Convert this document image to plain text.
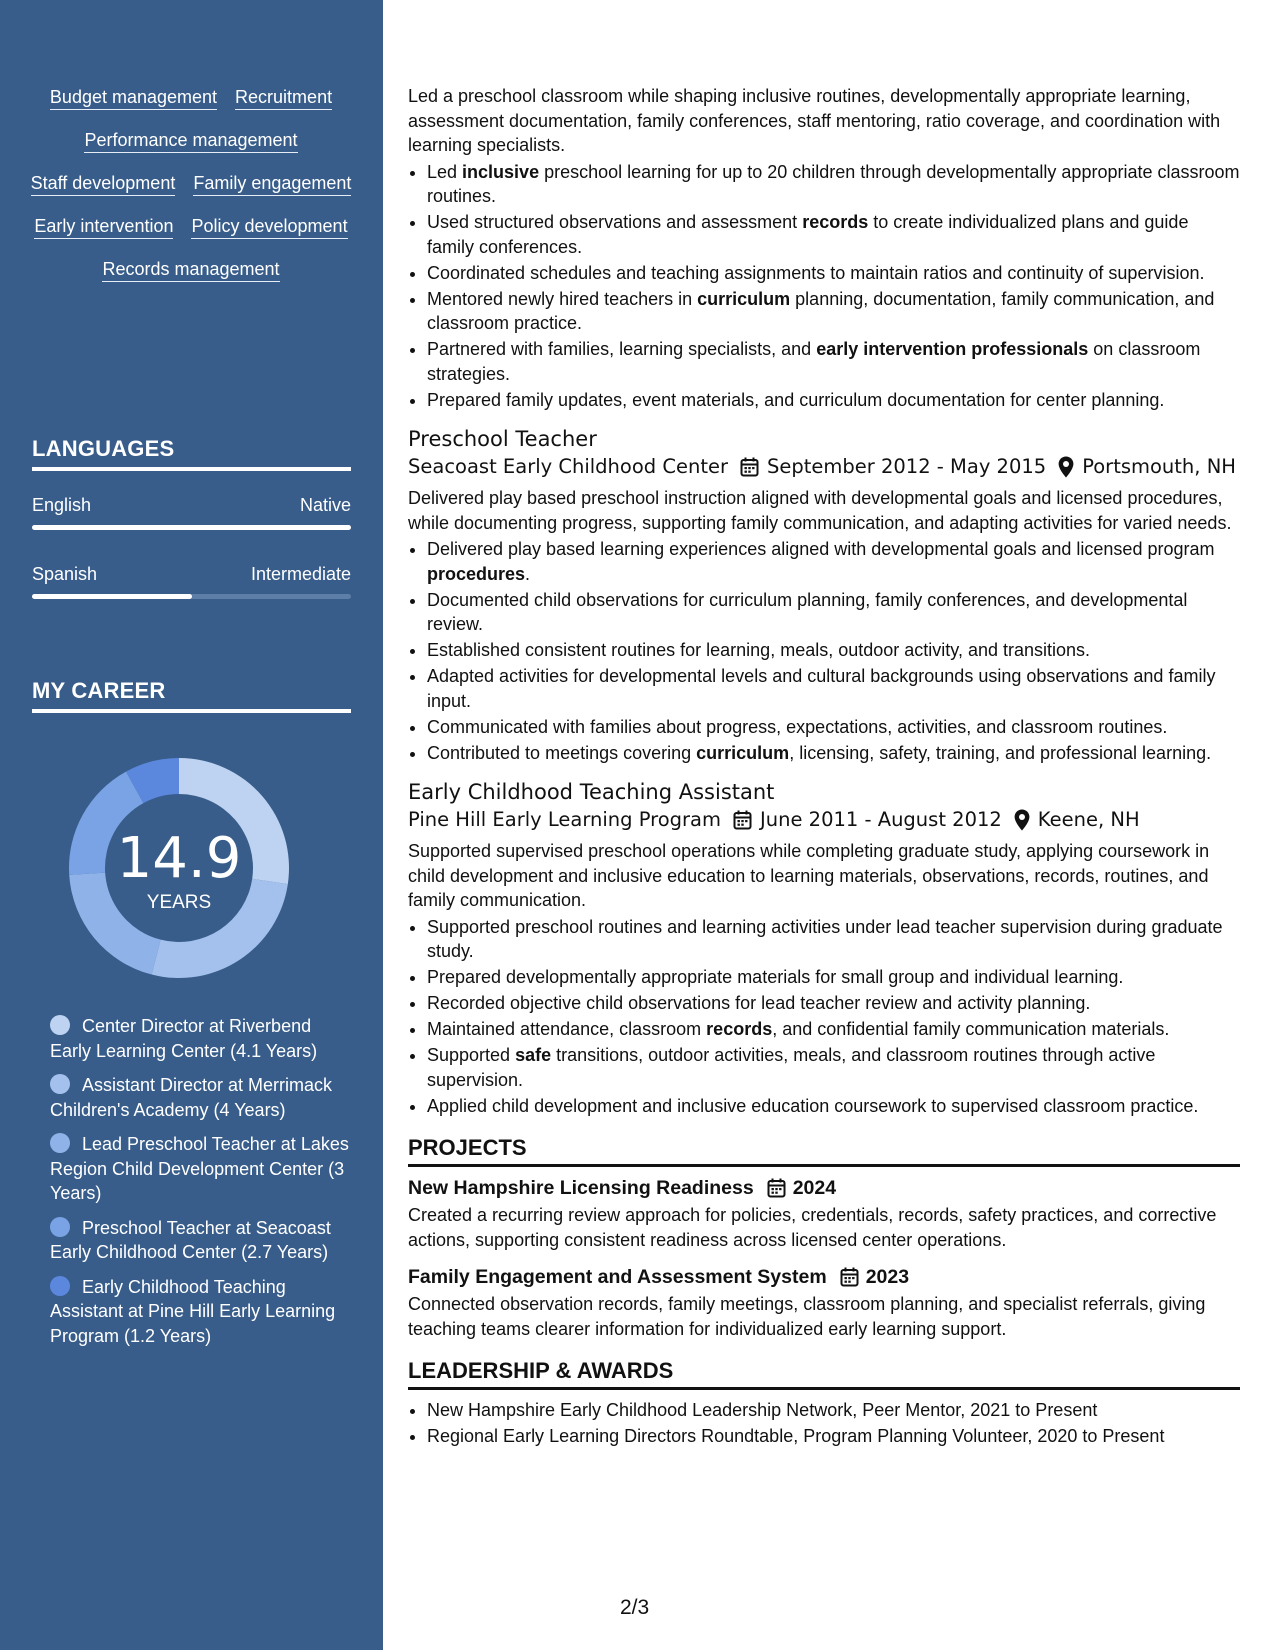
Budget management Recruitment
Performance management
Staff development Family engagement
Early intervention Policy development
Records management
LANGUAGES
English	Native
Spanish	Intermediate
MY CAREER
14.9
YEARS
Center Director at Riverbend Early Learning Center (4.1 Years)
Assistant Director at Merrimack Children's Academy (4 Years)
Lead Preschool Teacher at Lakes Region Child Development Center (3 Years)
Preschool Teacher at Seacoast Early Childhood Center (2.7 Years)
Early Childhood Teaching Assistant at Pine Hill Early Learning Program (1.2 Years)

Led a preschool classroom while shaping inclusive routines, developmentally appropriate learning, assessment documentation, family conferences, staff mentoring, ratio coverage, and coordination with learning specialists.

• Led inclusive preschool learning for up to 20 children through developmentally appropriate classroom routines.
• Used structured observations and assessment records to create individualized plans and guide family conferences.
• Coordinated schedules and teaching assignments to maintain ratios and continuity of supervision.
• Mentored newly hired teachers in curriculum planning, documentation, family communication, and classroom practice.
• Partnered with families, learning specialists, and early intervention professionals on classroom strategies.
• Prepared family updates, event materials, and curriculum documentation for center planning.
Preschool Teacher
Seacoast Early Childhood Center September 2012 - May 2015 Portsmouth, NH

Delivered play based preschool instruction aligned with developmental goals and licensed procedures, while documenting progress, supporting family communication, and adapting activities for varied needs.

• Delivered play based learning experiences aligned with developmental goals and licensed program procedures.
• Documented child observations for curriculum planning, family conferences, and developmental review.
• Established consistent routines for learning, meals, outdoor activity, and transitions.
• Adapted activities for developmental levels and cultural backgrounds using observations and family input.
• Communicated with families about progress, expectations, activities, and classroom routines.
• Contributed to meetings covering curriculum, licensing, safety, training, and professional learning.
Early Childhood Teaching Assistant
Pine Hill Early Learning Program June 2011 - August 2012 Keene, NH

Supported supervised preschool operations while completing graduate study, applying coursework in child development and inclusive education to learning materials, observations, records, routines, and family communication.

• Supported preschool routines and learning activities under lead teacher supervision during graduate study.
• Prepared developmentally appropriate materials for small group and individual learning.
• Recorded objective child observations for lead teacher review and activity planning.
• Maintained attendance, classroom records, and confidential family communication materials.
• Supported safe transitions, outdoor activities, meals, and classroom routines through active supervision.
• Applied child development and inclusive education coursework to supervised classroom practice.
PROJECTS
New Hampshire Licensing Readiness 2024

Created a recurring review approach for policies, credentials, records, safety practices, and corrective actions, supporting consistent readiness across licensed center operations.

Family Engagement and Assessment System 2023

Connected observation records, family meetings, classroom planning, and specialist referrals, giving teaching teams clearer information for individualized early learning support.

LEADERSHIP & AWARDS
• New Hampshire Early Childhood Leadership Network, Peer Mentor, 2021 to Present
• Regional Early Learning Directors Roundtable, Program Planning Volunteer, 2020 to Present
2/3
